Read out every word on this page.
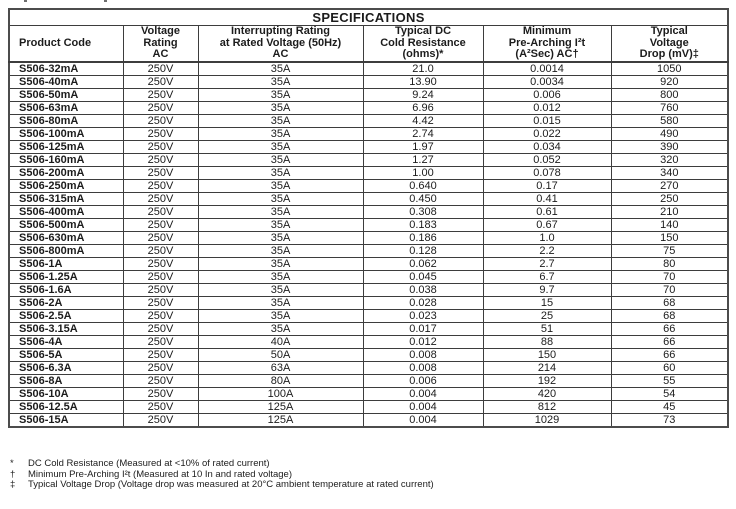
SPECIFICATIONS					

Product Code

Voltage
Rating
AC

Interrupting Rating
at Rated Voltage (50Hz)
AC

Typical DC
Cold Resistance
(ohms)*

Minimum
Pre-Arching I²t
(A²Sec) AC†

Typical
Voltage
Drop (mV)‡

S506-32mA	250V	35A	21.0	0.0014	1050
S506-40mA	250V	35A	13.90	0.0034	920
S506-50mA	250V	35A	9.24	0.006	800
S506-63mA	250V	35A	6.96	0.012	760
S506-80mA	250V	35A	4.42	0.015	580
S506-100mA	250V	35A	2.74	0.022	490
S506-125mA	250V	35A	1.97	0.034	390
S506-160mA	250V	35A	1.27	0.052	320
S506-200mA	250V	35A	1.00	0.078	340
S506-250mA	250V	35A	0.640	0.17	270
S506-315mA	250V	35A	0.450	0.41	250
S506-400mA	250V	35A	0.308	0.61	210
S506-500mA	250V	35A	0.183	0.67	140
S506-630mA	250V	35A	0.186	1.0	150
S506-800mA	250V	35A	0.128	2.2	75
S506-1A	250V	35A	0.062	2.7	80
S506-1.25A	250V	35A	0.045	6.7	70
S506-1.6A	250V	35A	0.038	9.7	70
S506-2A	250V	35A	0.028	15	68
S506-2.5A	250V	35A	0.023	25	68
S506-3.15A	250V	35A	0.017	51	66
S506-4A	250V	40A	0.012	88	66
S506-5A	250V	50A	0.008	150	66
S506-6.3A	250V	63A	0.008	214	60
S506-8A	250V	80A	0.006	192	55
S506-10A	250V	100A	0.004	420	54
S506-12.5A	250V	125A	0.004	812	45
S506-15A	250V	125A	0.004	1029	73
*	DC Cold Resistance (Measured at <10% of rated current)
†	Minimum Pre-Arching I²t (Measured at 10 In and rated voltage)
‡	Typical Voltage Drop (Voltage drop was measured at 20°C ambient temperature at rated current)
